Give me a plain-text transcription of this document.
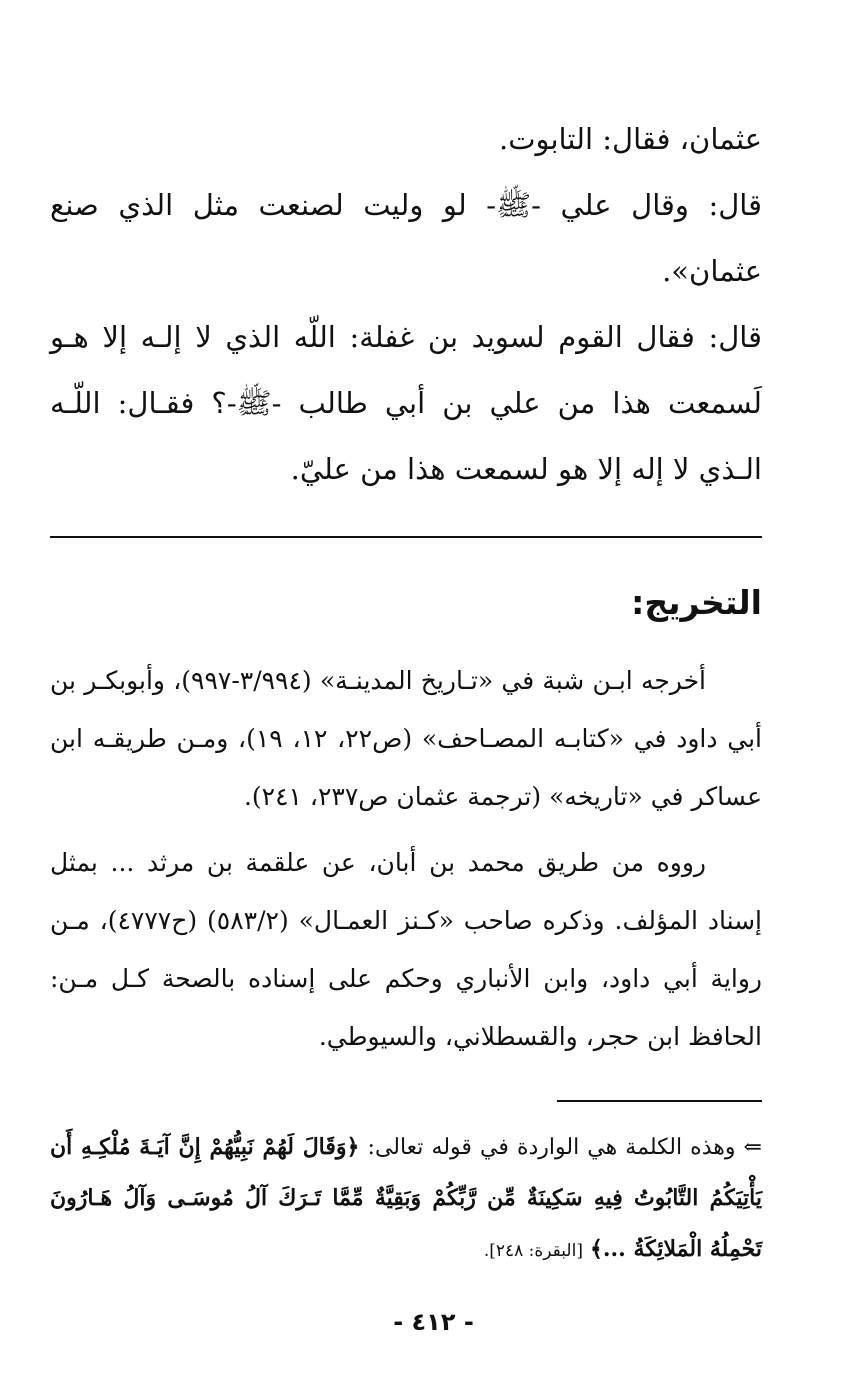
عثمان، فقال: التابوت.

قال: وقال علي -ﷺ- لو وليت لصنعت مثل الذي صنع عثمان».

قال: فقال القوم لسويد بن غفلة: اللّه الذي لا إلـه إلا هـو لَسمعت هذا من علي بن أبي طالب -ﷺ-؟ فقـال: اللّـه الـذي لا إله إلا هو لسمعت هذا من عليّ.

التخريج:

أخرجه ابـن شبة في «تـاريخ المدينـة» (٣/٩٩٤-٩٩٧)، وأبوبكـر بن أبي داود في «كتابـه المصـاحف» (ص٢٢، ١٢، ١٩)، ومـن طريقـه ابن عساكر في «تاريخه» (ترجمة عثمان ص٢٣٧، ٢٤١).

رووه من طريق محمد بن أبان، عن علقمة بن مرثد ... بمثل إسناد المؤلف. وذكره صاحب «كـنز العمـال» (٥٨٣/٢) (ح٤٧٧٧)، مـن رواية أبي داود، وابن الأنباري وحكم على إسناده بالصحة كـل مـن: الحافظ ابن حجر، والقسطلاني، والسيوطي.

⇐ وهذه الكلمة هي الواردة في قوله تعالى: ﴿وَقَالَ لَهُمْ نَبِيُّهُمْ إِنَّ آيَـةَ مُلْكِـهِ أَن يَأْتِيَكُمُ التَّابُوتُ فِيهِ سَكِينَةٌ مِّن رَّبِّكُمْ وَبَقِيَّةٌ مِّمَّا تَـرَكَ آلُ مُوسَـى وَآلُ هَـارُونَ تَحْمِلُهُ الْمَلائِكَةُ ...﴾ [البقرة: ٢٤٨].

- ٤١٢ -
